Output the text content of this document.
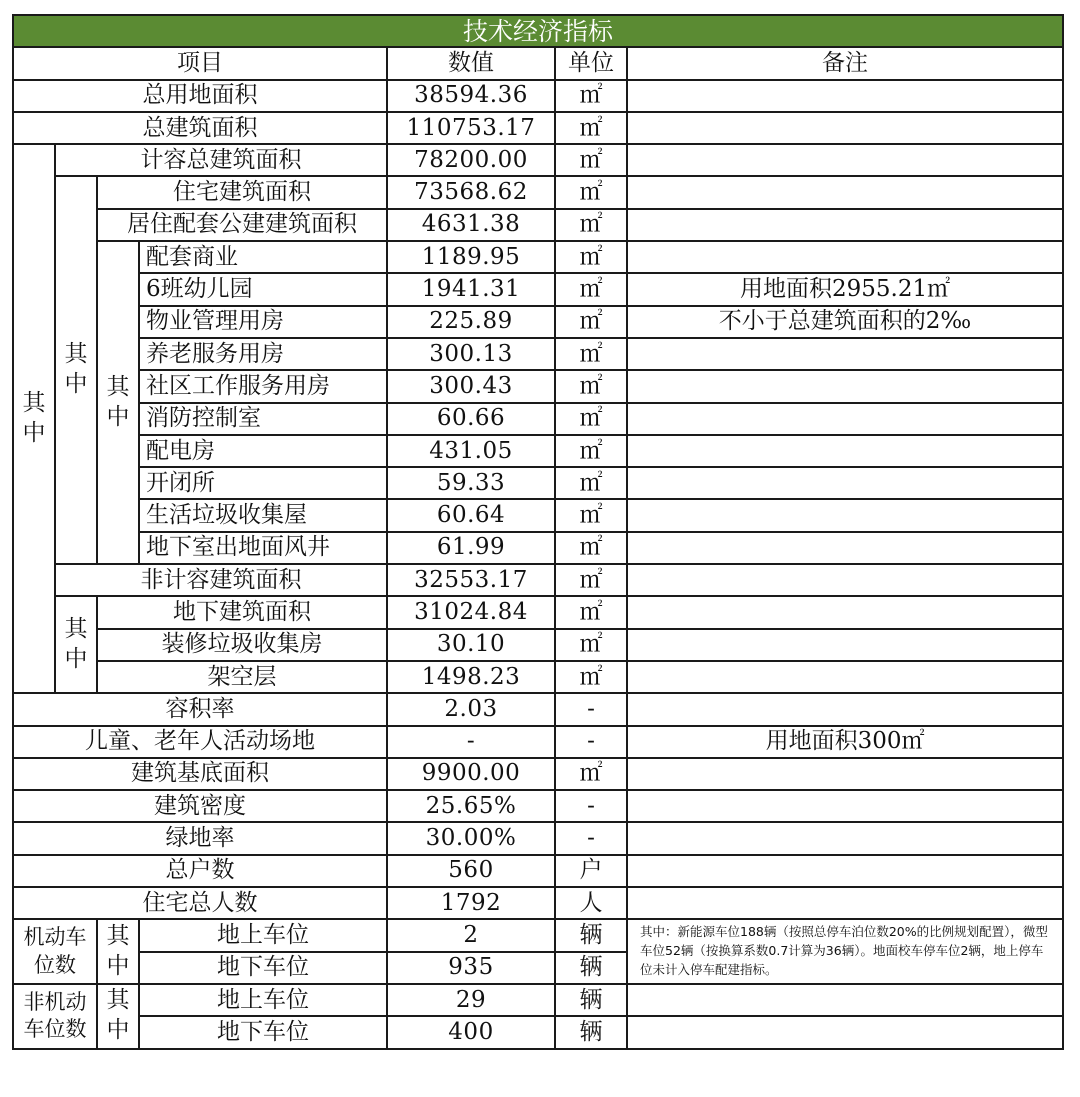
技术经济指标						
项目				数值	单位	备注
总用地面积				38594.36	㎡	
总建筑面积				110753.17	㎡	
其中	计容总建筑面积			78200.00	㎡	
	其中	住宅建筑面积		73568.62	㎡	
		居住配套公建建筑面积		4631.38	㎡	
		其中	配套商业	1189.95	㎡	
			6班幼儿园	1941.31	㎡	用地面积2955.21㎡
			物业管理用房	225.89	㎡	不小于总建筑面积的2‰
			养老服务用房	300.13	㎡	
			社区工作服务用房	300.43	㎡	
			消防控制室	60.66	㎡	
			配电房	431.05	㎡	
			开闭所	59.33	㎡	
			生活垃圾收集屋	60.64	㎡	
			地下室出地面风井	61.99	㎡	
	非计容建筑面积			32553.17	㎡	
	其中	地下建筑面积		31024.84	㎡	
		装修垃圾收集房		30.10	㎡	
		架空层		1498.23	㎡	
容积率				2.03	-	
儿童、老年人活动场地				-	-	用地面积300㎡
建筑基底面积				9900.00	㎡	
建筑密度				25.65%	-	
绿地率				30.00%	-	
总户数				560	户	
住宅总人数				1792	人	
机动车位数		其中	地上车位	2	辆	其中：新能源车位188辆（按照总停车泊位数20%的比例规划配置），微型车位52辆（按换算系数0.7计算为36辆）。地面校车停车位2辆，地上停车位未计入停车配建指标。
			地下车位	935	辆	
非机动车位数		其中	地上车位	29	辆	
			地下车位	400	辆	
